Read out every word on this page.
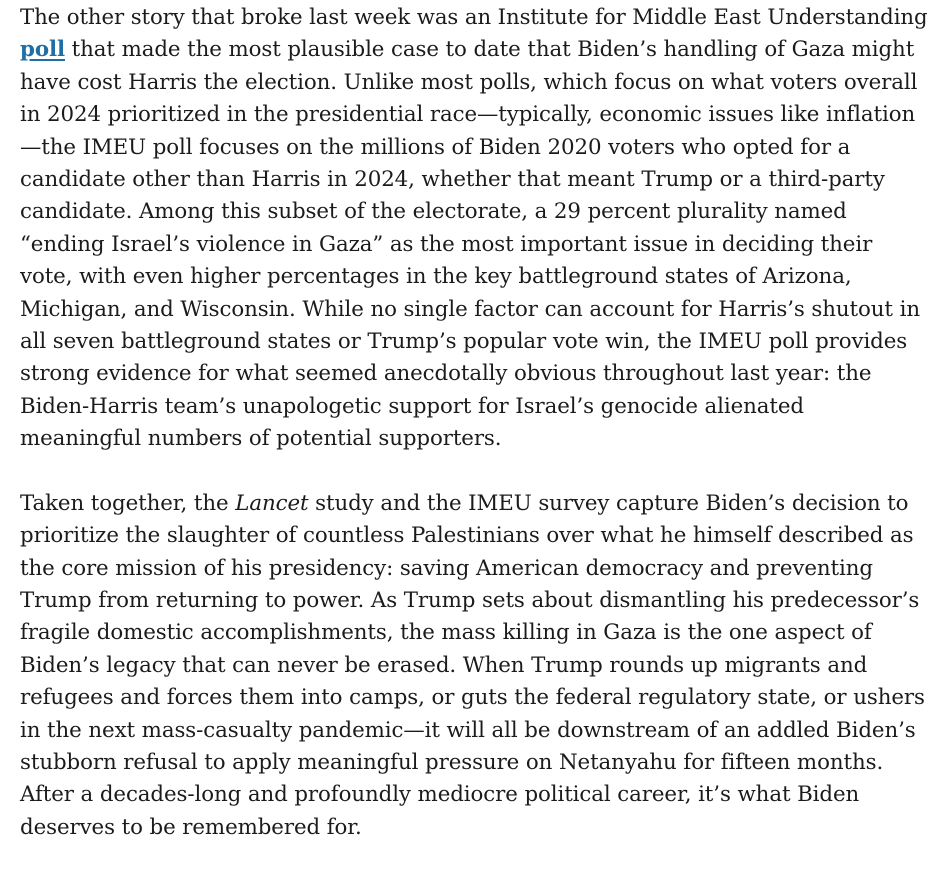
The other story that broke last week was an Institute for Middle East Understanding
poll that made the most plausible case to date that Biden’s handling of Gaza might
have cost Harris the election. Unlike most polls, which focus on what voters overall
in 2024 prioritized in the presidential race—typically, economic issues like inflation
—the IMEU poll focuses on the millions of Biden 2020 voters who opted for a
candidate other than Harris in 2024, whether that meant Trump or a third-party
candidate. Among this subset of the electorate, a 29 percent plurality named
“ending Israel’s violence in Gaza” as the most important issue in deciding their
vote, with even higher percentages in the key battleground states of Arizona,
Michigan, and Wisconsin. While no single factor can account for Harris’s shutout in
all seven battleground states or Trump’s popular vote win, the IMEU poll provides
strong evidence for what seemed anecdotally obvious throughout last year: the
Biden-Harris team’s unapologetic support for Israel’s genocide alienated
meaningful numbers of potential supporters.

Taken together, the Lancet study and the IMEU survey capture Biden’s decision to
prioritize the slaughter of countless Palestinians over what he himself described as
the core mission of his presidency: saving American democracy and preventing
Trump from returning to power. As Trump sets about dismantling his predecessor’s
fragile domestic accomplishments, the mass killing in Gaza is the one aspect of
Biden’s legacy that can never be erased. When Trump rounds up migrants and
refugees and forces them into camps, or guts the federal regulatory state, or ushers
in the next mass-casualty pandemic—it will all be downstream of an addled Biden’s
stubborn refusal to apply meaningful pressure on Netanyahu for fifteen months.
After a decades-long and profoundly mediocre political career, it’s what Biden
deserves to be remembered for.
